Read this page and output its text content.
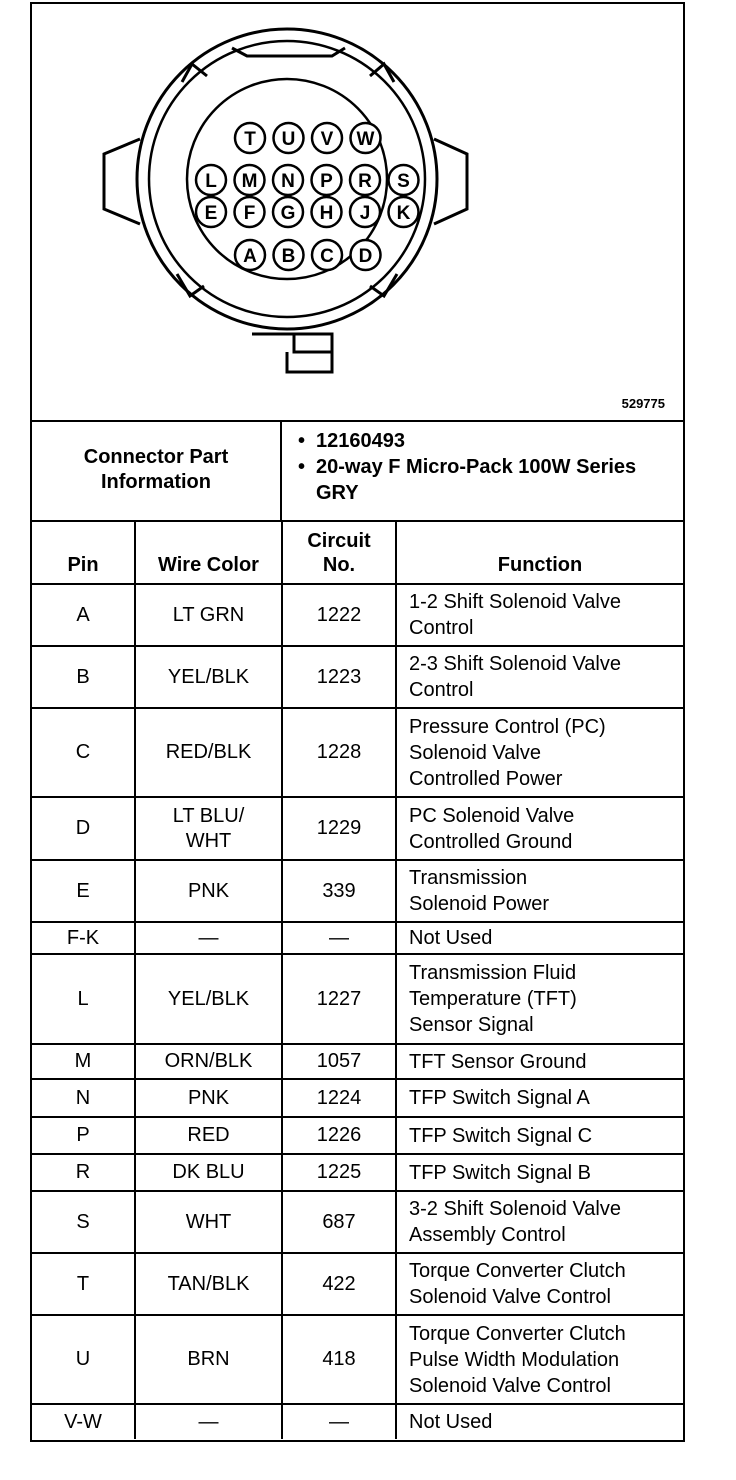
T U V W
L M N P R S
E F G H J K
A B C D
529775
Connector Part
Information
• 12160493
• 20-way F Micro-Pack 100W Series GRY
Pin	Wire Color	Circuit
No.	Function
A	LT GRN	1222	1-2 Shift Solenoid Valve
Control
B	YEL/BLK	1223	2-3 Shift Solenoid Valve
Control
C	RED/BLK	1228	Pressure Control (PC)
Solenoid Valve
Controlled Power
D	LT BLU/
WHT	1229	PC Solenoid Valve
Controlled Ground
E	PNK	339	Transmission
Solenoid Power
F-K	—	—	Not Used
L	YEL/BLK	1227	Transmission Fluid
Temperature (TFT)
Sensor Signal
M	ORN/BLK	1057	TFT Sensor Ground
N	PNK	1224	TFP Switch Signal A
P	RED	1226	TFP Switch Signal C
R	DK BLU	1225	TFP Switch Signal B
S	WHT	687	3-2 Shift Solenoid Valve
Assembly Control
T	TAN/BLK	422	Torque Converter Clutch
Solenoid Valve Control
U	BRN	418	Torque Converter Clutch
Pulse Width Modulation
Solenoid Valve Control
V-W	—	—	Not Used
